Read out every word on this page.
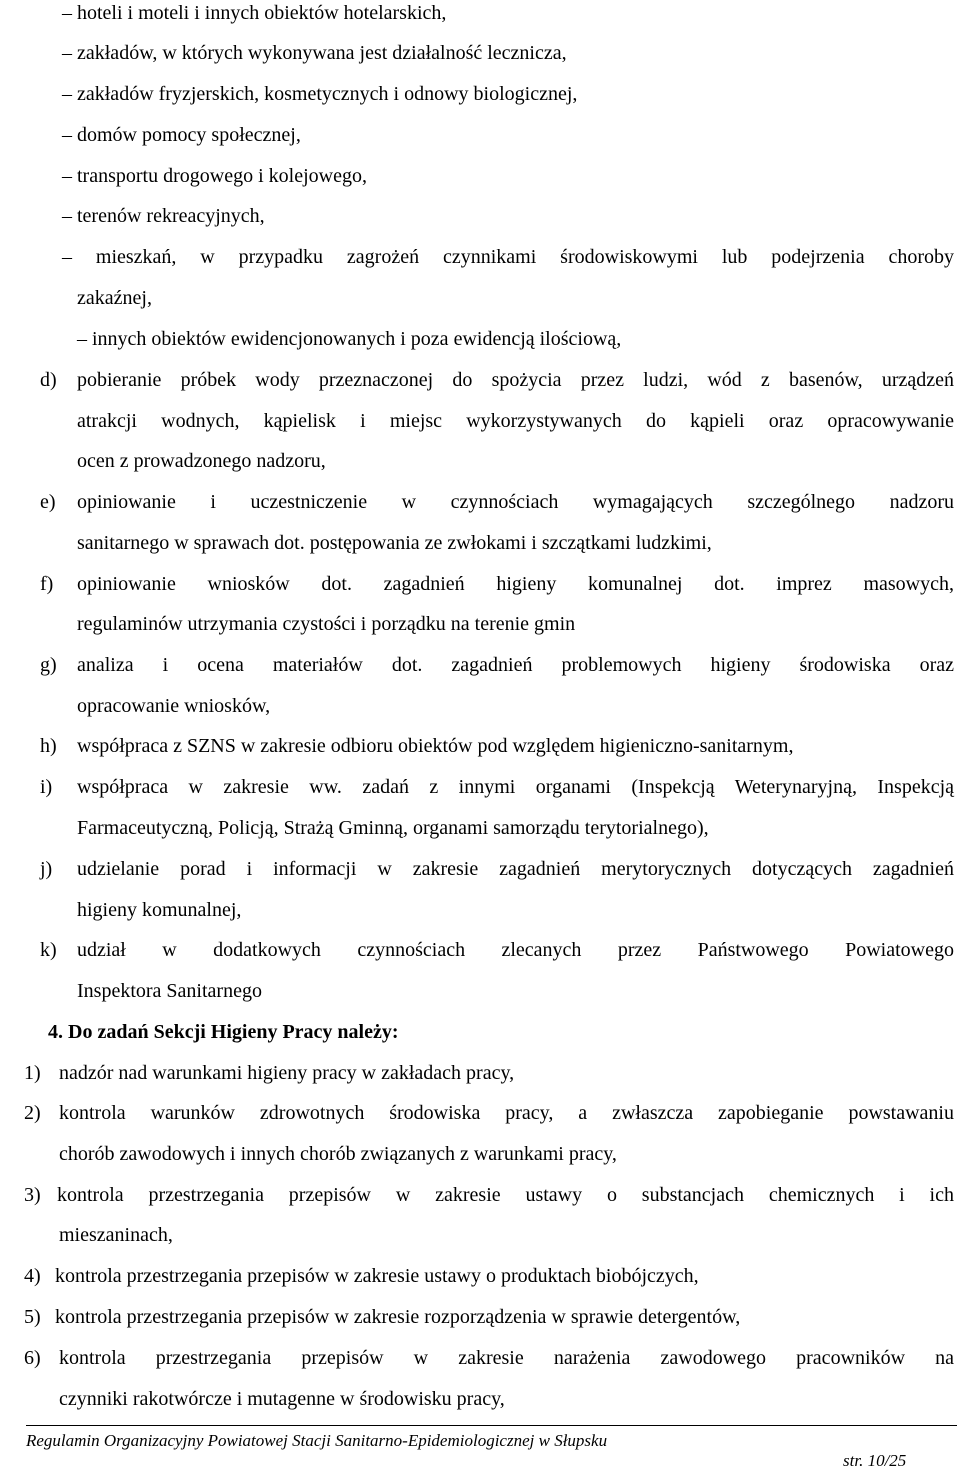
– hoteli i moteli i innych obiektów hotelarskich,
– zakładów, w których wykonywana jest działalność lecznicza,
– zakładów fryzjerskich, kosmetycznych i odnowy biologicznej,
– domów pomocy społecznej,
– transportu drogowego i kolejowego,
– terenów rekreacyjnych,
– mieszkań, w przypadku zagrożeń czynnikami środowiskowymi lub podejrzenia choroby
zakaźnej,
– innych obiektów ewidencjonowanych i poza ewidencją ilościową,
d) pobieranie próbek wody przeznaczonej do spożycia przez ludzi, wód z basenów, urządzeń
atrakcji wodnych, kąpielisk i miejsc wykorzystywanych do kąpieli oraz opracowywanie
ocen z prowadzonego nadzoru,
e) opiniowanie i uczestniczenie w czynnościach wymagających szczególnego nadzoru
sanitarnego w sprawach dot. postępowania ze zwłokami i szczątkami ludzkimi,
f) opiniowanie wniosków dot. zagadnień higieny komunalnej dot. imprez masowych,
regulaminów utrzymania czystości i porządku na terenie gmin
g) analiza i ocena materiałów dot. zagadnień problemowych higieny środowiska oraz
opracowanie wniosków,
h) współpraca z SZNS w zakresie odbioru obiektów pod względem higieniczno-sanitarnym,
i) współpraca w zakresie ww. zadań z innymi organami (Inspekcją Weterynaryjną, Inspekcją
Farmaceutyczną, Policją, Strażą Gminną, organami samorządu terytorialnego),
j) udzielanie porad i informacji w zakresie zagadnień merytorycznych dotyczących zagadnień
higieny komunalnej,
k) udział w dodatkowych czynnościach zlecanych przez Państwowego Powiatowego
Inspektora Sanitarnego
4. Do zadań Sekcji Higieny Pracy należy:
1) nadzór nad warunkami higieny pracy w zakładach pracy,
2) kontrola warunków zdrowotnych środowiska pracy, a zwłaszcza zapobieganie powstawaniu
chorób zawodowych i innych chorób związanych z warunkami pracy,
3) kontrola przestrzegania przepisów w zakresie ustawy o substancjach chemicznych i ich
mieszaninach,
4) kontrola przestrzegania przepisów w zakresie ustawy o produktach biobójczych,
5) kontrola przestrzegania przepisów w zakresie rozporządzenia w sprawie detergentów,
6) kontrola przestrzegania przepisów w zakresie narażenia zawodowego pracowników na
czynniki rakotwórcze i mutagenne w środowisku pracy,
Regulamin Organizacyjny Powiatowej Stacji Sanitarno-Epidemiologicznej w Słupsku
str. 10/25
